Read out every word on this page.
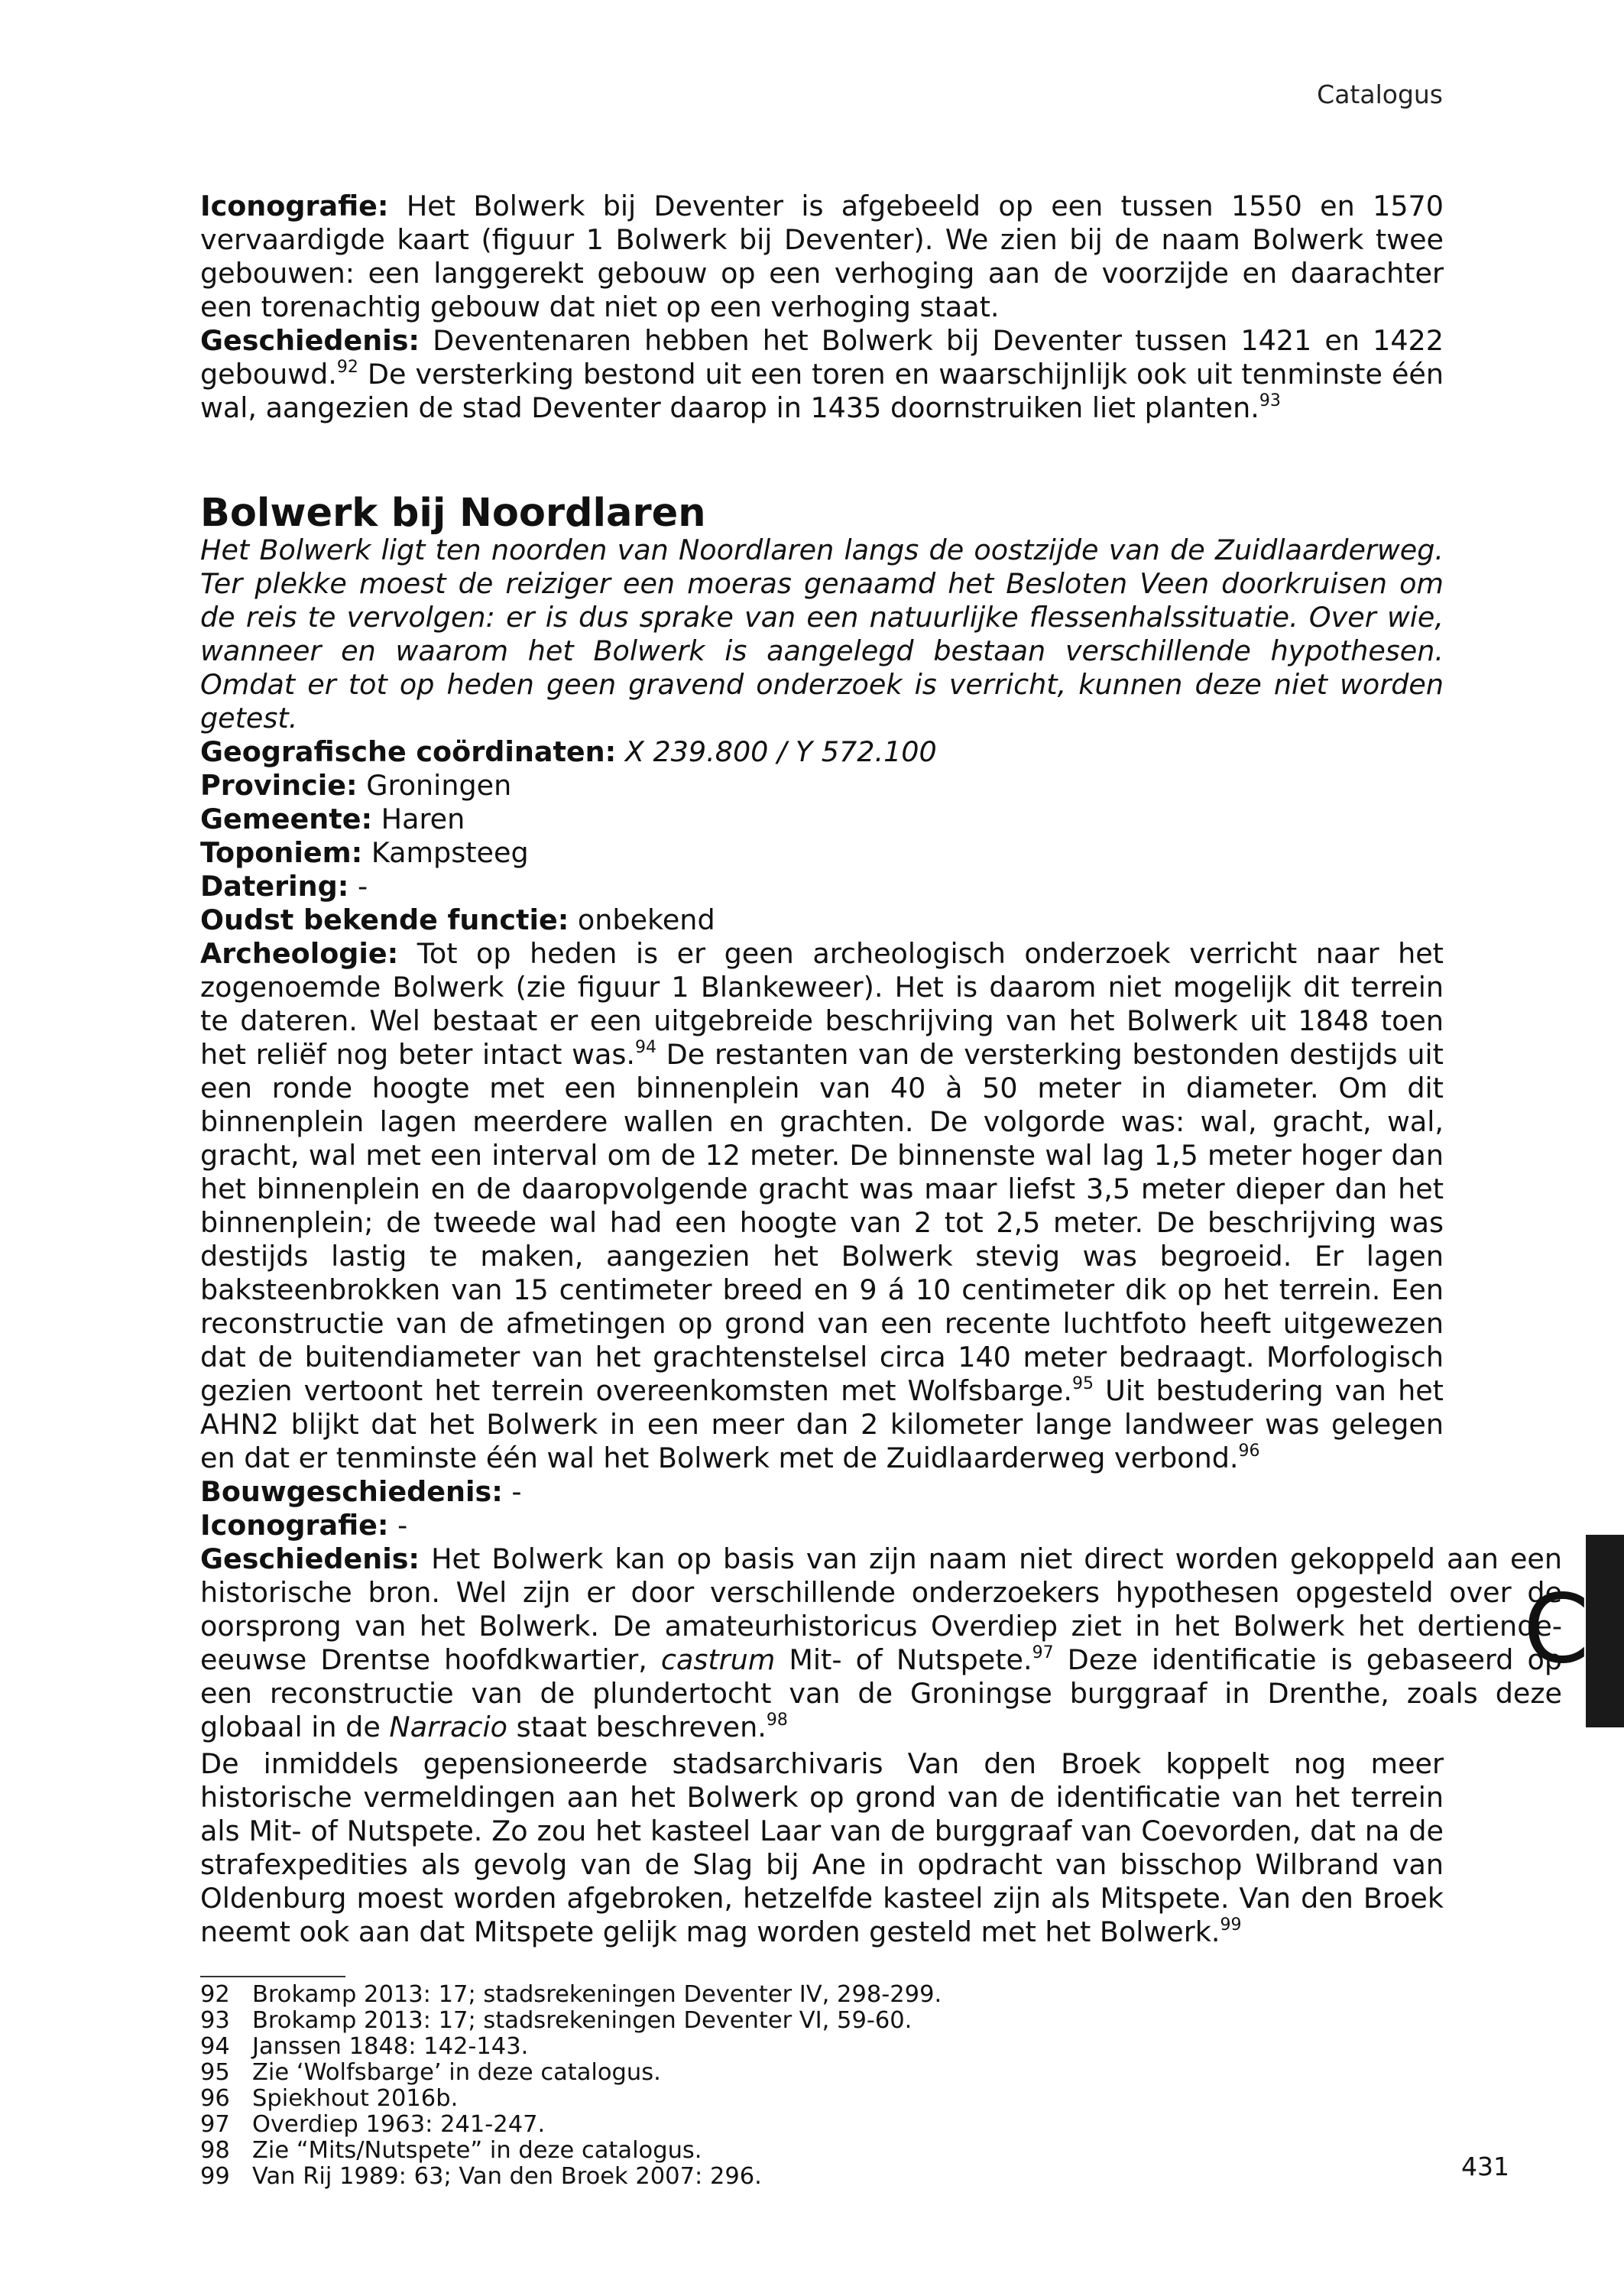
Catalogus

Iconografie: Het Bolwerk bij Deventer is afgebeeld op een tussen 1550 en 1570 vervaardigde kaart (figuur 1 Bolwerk bij Deventer). We zien bij de naam Bolwerk twee gebouwen: een langgerekt gebouw op een verhoging aan de voorzijde en daarachter een torenachtig gebouw dat niet op een verhoging staat.

Geschiedenis: Deventenaren hebben het Bolwerk bij Deventer tussen 1421 en 1422 gebouwd.$^{92}$ De versterking bestond uit een toren en waarschijnlijk ook uit tenminste één wal, aangezien de stad Deventer daarop in 1435 doornstruiken liet planten.$^{93}$

Bolwerk bij Noordlaren

Het Bolwerk ligt ten noorden van Noordlaren langs de oostzijde van de Zuidlaarderweg. Ter plekke moest de reiziger een moeras genaamd het Besloten Veen doorkruisen om de reis te vervolgen: er is dus sprake van een natuurlijke flessenhalssituatie. Over wie, wanneer en waarom het Bolwerk is aangelegd bestaan verschillende hypothesen. Omdat er tot op heden geen gravend onderzoek is verricht, kunnen deze niet worden getest.

Geografische coördinaten: X 239.800 / Y 572.100

Provincie: Groningen

Gemeente: Haren

Toponiem: Kampsteeg

Datering: -

Oudst bekende functie: onbekend

Archeologie: Tot op heden is er geen archeologisch onderzoek verricht naar het zogenoemde Bolwerk (zie figuur 1 Blankeweer). Het is daarom niet mogelijk dit terrein te dateren. Wel bestaat er een uitgebreide beschrijving van het Bolwerk uit 1848 toen het reliëf nog beter intact was.$^{94}$ De restanten van de versterking bestonden destijds uit een ronde hoogte met een binnenplein van 40 à 50 meter in diameter. Om dit binnenplein lagen meerdere wallen en grachten. De volgorde was: wal, gracht, wal, gracht, wal met een interval om de 12 meter. De binnenste wal lag 1,5 meter hoger dan het binnenplein en de daaropvolgende gracht was maar liefst 3,5 meter dieper dan het binnenplein; de tweede wal had een hoogte van 2 tot 2,5 meter. De beschrijving was destijds lastig te maken, aangezien het Bolwerk stevig was begroeid. Er lagen baksteenbrokken van 15 centimeter breed en 9 á 10 centimeter dik op het terrein. Een reconstructie van de afmetingen op grond van een recente luchtfoto heeft uitgewezen dat de buitendiameter van het grachtenstelsel circa 140 meter bedraagt. Morfologisch gezien vertoont het terrein overeenkomsten met Wolfsbarge.$^{95}$ Uit bestudering van het AHN2 blijkt dat het Bolwerk in een meer dan 2 kilometer lange landweer was gelegen en dat er tenminste één wal het Bolwerk met de Zuidlaarderweg verbond.$^{96}$

Bouwgeschiedenis: -

Iconografie: -

Geschiedenis: Het Bolwerk kan op basis van zijn naam niet direct worden gekoppeld aan een historische bron. Wel zijn er door verschillende onderzoekers hypothesen opgesteld over de oorsprong van het Bolwerk. De amateurhistoricus Overdiep ziet in het Bolwerk het dertiende-eeuwse Drentse hoofdkwartier, castrum Mit- of Nutspete.$^{97}$ Deze identificatie is gebaseerd op een reconstructie van de plundertocht van de Groningse burggraaf in Drenthe, zoals deze globaal in de Narracio staat beschreven.$^{98}$

De inmiddels gepensioneerde stadsarchivaris Van den Broek koppelt nog meer historische vermeldingen aan het Bolwerk op grond van de identificatie van het terrein als Mit- of Nutspete. Zo zou het kasteel Laar van de burggraaf van Coevorden, dat na de strafexpedities als gevolg van de Slag bij Ane in opdracht van bisschop Wilbrand van Oldenburg moest worden afgebroken, hetzelfde kasteel zijn als Mitspete. Van den Broek neemt ook aan dat Mitspete gelijk mag worden gesteld met het Bolwerk.$^{99}$

92 Brokamp 2013: 17; stadsrekeningen Deventer IV, 298-299.
93 Brokamp 2013: 17; stadsrekeningen Deventer VI, 59-60.
94 Janssen 1848: 142-143.
95 Zie ‘Wolfsbarge’ in deze catalogus.
96 Spiekhout 2016b.
97 Overdiep 1963: 241-247.
98 Zie “Mits/Nutspete” in deze catalogus.
99 Van Rij 1989: 63; Van den Broek 2007: 296.
C
431
